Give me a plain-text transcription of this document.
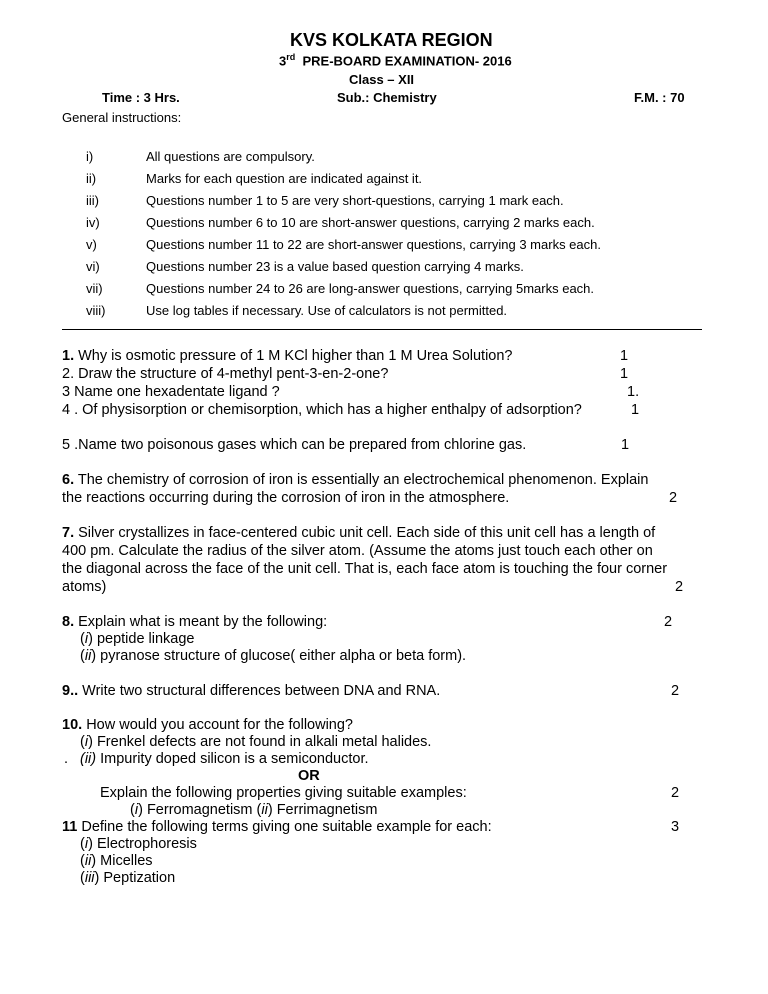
KVS KOLKATA REGION
3rd PRE-BOARD EXAMINATION- 2016
Class – XII
Time : 3 Hrs.	Sub.: Chemistry	F.M. : 70
General instructions:
i)	All questions are compulsory.
ii)	Marks for each question are indicated against it.
iii)	Questions number 1 to 5 are very short-questions, carrying 1 mark each.
iv)	Questions number 6 to 10 are short-answer questions, carrying 2 marks each.
v)	Questions number 11 to 22 are short-answer questions, carrying 3 marks each.
vi)	Questions number 23 is a value based question carrying 4 marks.
vii)	Questions number 24 to 26 are long-answer questions, carrying 5marks each.
viii)	Use log tables if necessary. Use of calculators is not permitted.
1. Why is osmotic pressure of 1 M KCl higher than 1 M Urea Solution?	1
2. Draw the structure of 4-methyl pent-3-en-2-one?	1
3 Name one hexadentate ligand ?	1.
4 . Of physisorption or chemisorption, which has a higher enthalpy of adsorption?	1
5 .Name two poisonous gases which can be prepared from chlorine gas.	1
6. The chemistry of corrosion of iron is essentially an electrochemical phenomenon. Explain
the reactions occurring during the corrosion of iron in the atmosphere.	2
7. Silver crystallizes in face-centered cubic unit cell. Each side of this unit cell has a length of
400 pm. Calculate the radius of the silver atom. (Assume the atoms just touch each other on
the diagonal across the face of the unit cell. That is, each face atom is touching the four corner
atoms)	2
8. Explain what is meant by the following:	2
(i) peptide linkage
(ii) pyranose structure of glucose( either alpha or beta form).
9.. Write two structural differences between DNA and RNA.	2
10. How would you account for the following?
(i) Frenkel defects are not found in alkali metal halides.
. (ii) Impurity doped silicon is a semiconductor.
OR
Explain the following properties giving suitable examples:	2
(i) Ferromagnetism (ii) Ferrimagnetism
11 Define the following terms giving one suitable example for each:	3
(i) Electrophoresis
(ii) Micelles
(iii) Peptization
